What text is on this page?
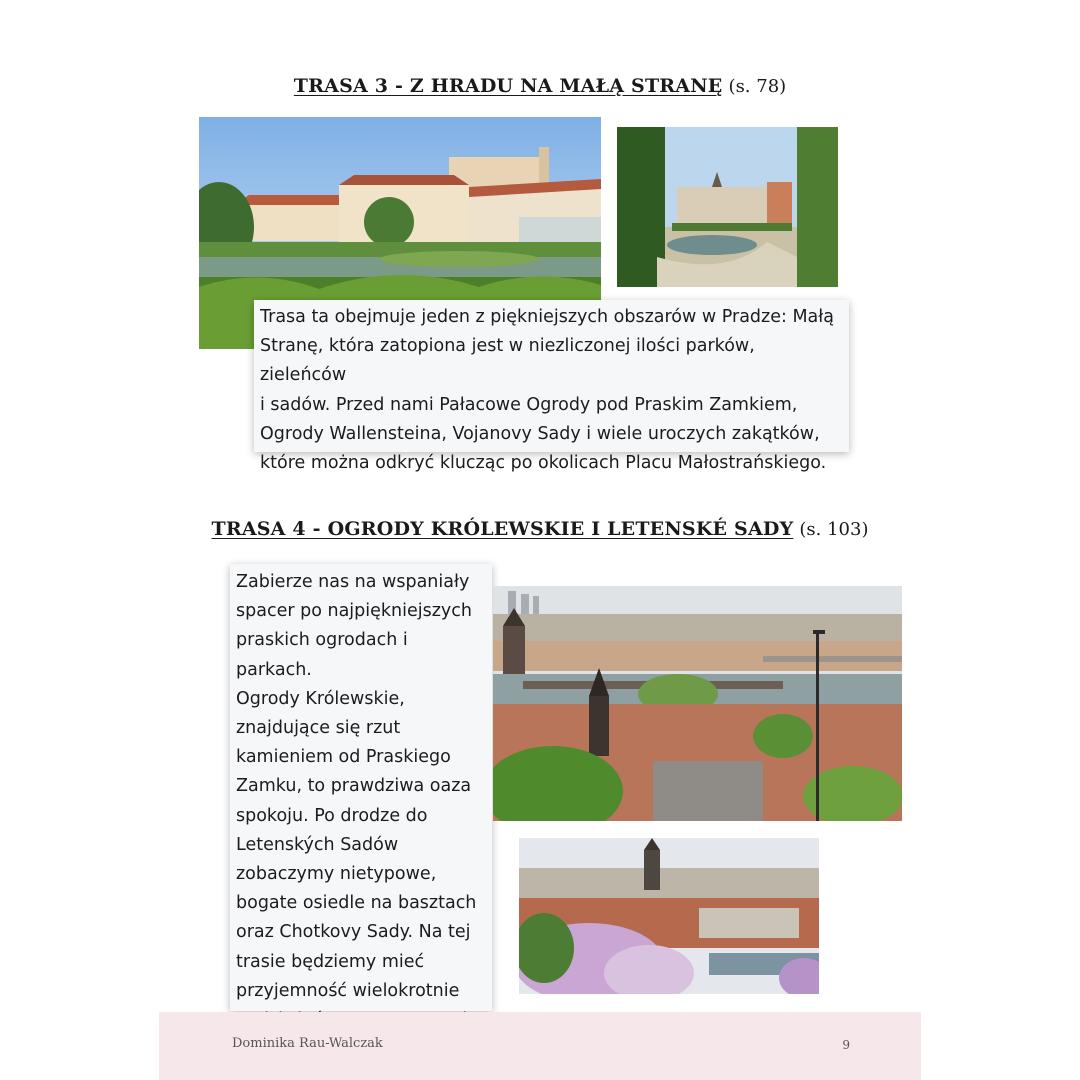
TRASA 3 - Z HRADU NA MAŁĄ STRANĘ (s. 78)
Trasa ta obejmuje jeden z piękniejszych obszarów w Pradze: Małą
Stranę, która zatopiona jest w niezliczonej ilości parków, zieleńców
i sadów. Przed nami Pałacowe Ogrody pod Praskim Zamkiem,
Ogrody Wallensteina, Vojanovy Sady i wiele uroczych zakątków,
które można odkryć klucząc po okolicach Placu Małostrańskiego.
TRASA 4 - OGRODY KRÓLEWSKIE I LETENSKÉ SADY (s. 103)
Zabierze nas na wspaniały
spacer po najpiękniejszych
praskich ogrodach i parkach.
Ogrody Królewskie,
znajdujące się rzut
kamieniem od Praskiego
Zamku, to prawdziwa oaza
spokoju. Po drodze do
Letenských Sadów
zobaczymy nietypowe,
bogate osiedle na basztach
oraz Chotkovy Sady. Na tej
trasie będziemy mieć
przyjemność wielokrotnie

Dominika Rau-Walczak	9
